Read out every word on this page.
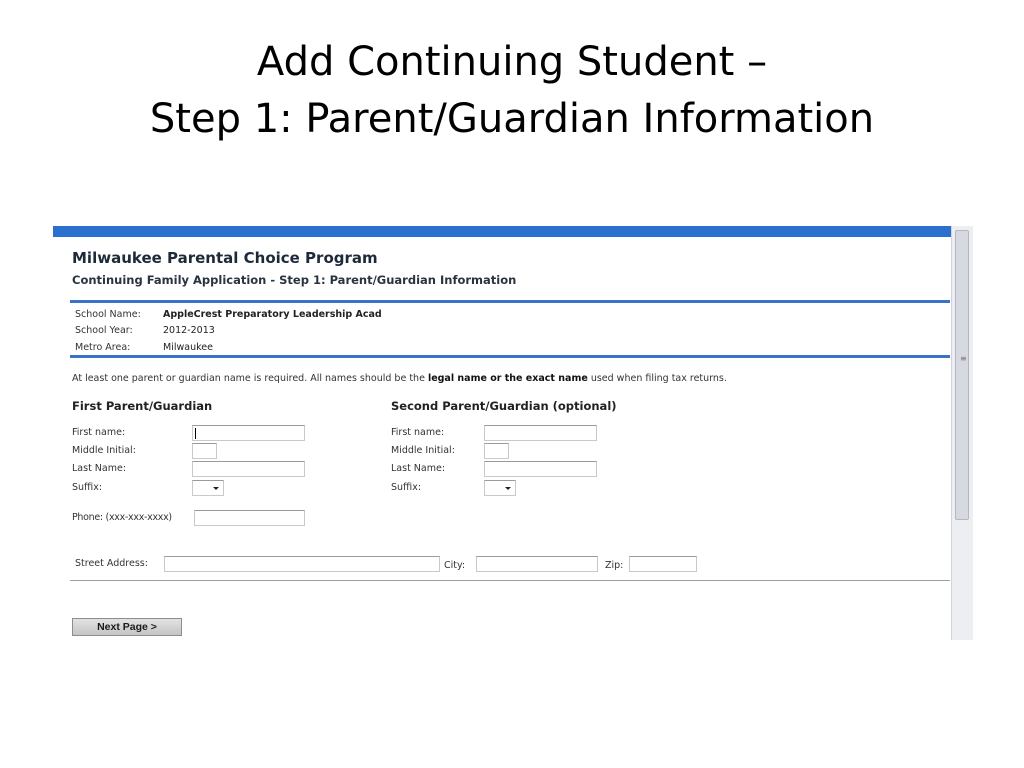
Add Continuing Student –
Step 1: Parent/Guardian Information
≡
Milwaukee Parental Choice Program
Continuing Family Application - Step 1: Parent/Guardian Information
School Name: AppleCrest Preparatory Leadership Acad
School Year:	2012-2013
Metro Area:	Milwaukee
At least one parent or guardian name is required. All names should be the legal name or the exact name used when filing tax returns.
First Parent/Guardian
First name:
Middle Initial:
Last Name:
Suffix:
Second Parent/Guardian (optional)
First name:
Middle Initial:
Last Name:
Suffix:
Phone: (xxx-xxx-xxxx)
Street Address:	City:	Zip:
Next Page >
